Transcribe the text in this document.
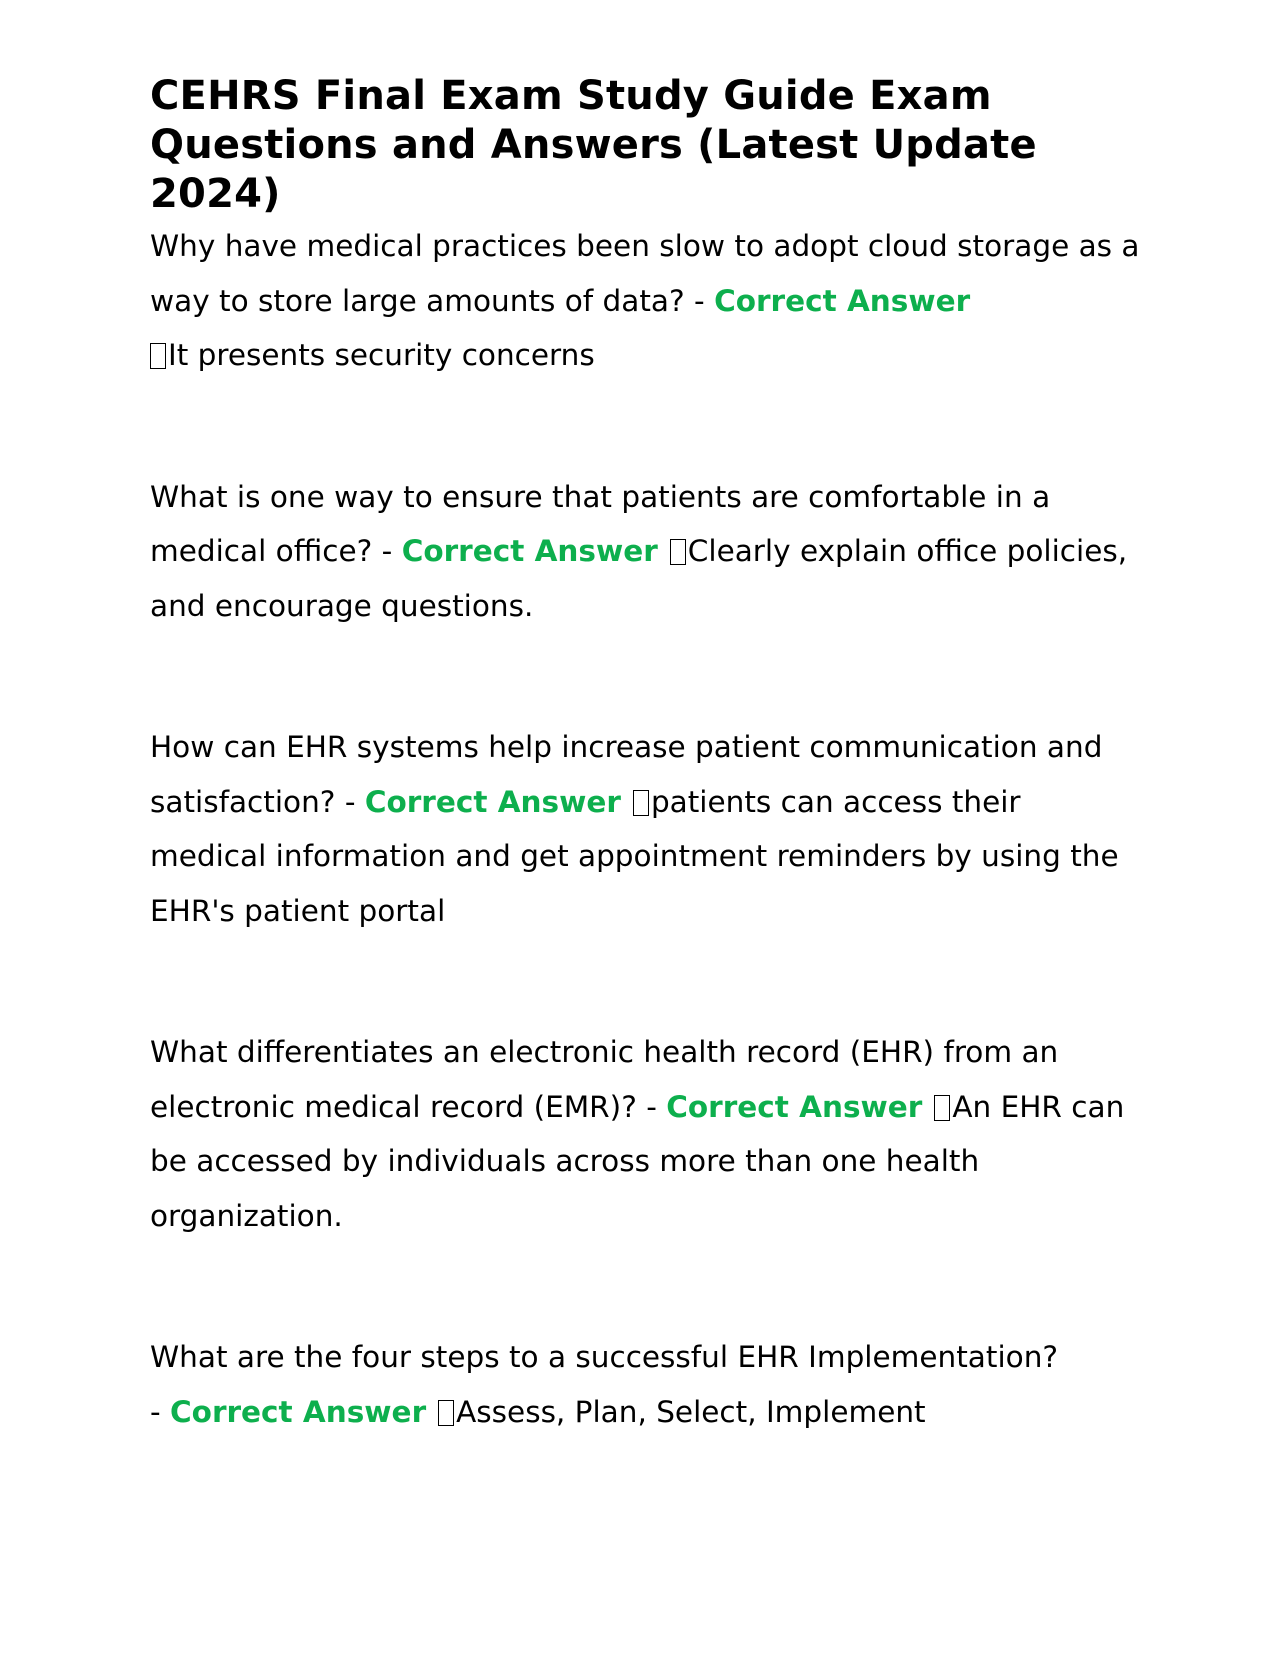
CEHRS Final Exam Study Guide Exam Questions and Answers (Latest Update 2024)

Why have medical practices been slow to adopt cloud storage as a way to store large amounts of data? - Correct Answer
It presents security concerns

What is one way to ensure that patients are comfortable in a medical office? - Correct Answer Clearly explain office policies, and encourage questions.

How can EHR systems help increase patient communication and satisfaction? - Correct Answer patients can access their medical information and get appointment reminders by using the EHR's patient portal

What differentiates an electronic health record (EHR) from an electronic medical record (EMR)? - Correct Answer An EHR can be accessed by individuals across more than one health organization.

What are the four steps to a successful EHR Implementation?
- Correct Answer Assess, Plan, Select, Implement
